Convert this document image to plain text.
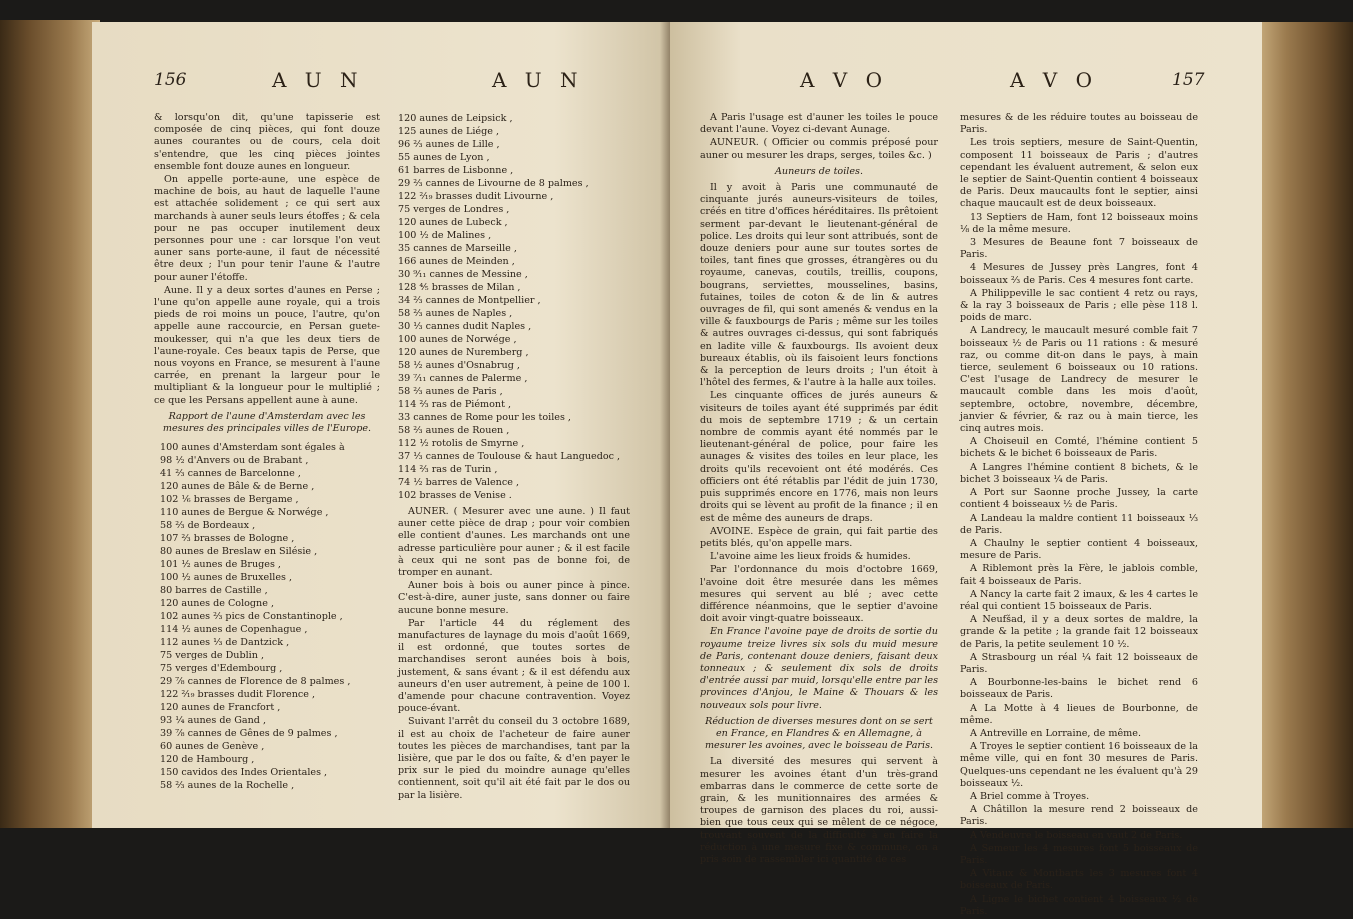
156	A U N	A U N

& lorsqu'on dit, qu'une tapisserie est composée de cinq pièces, qui font douze aunes courantes ou de cours, cela doit s'entendre, que les cinq pièces jointes ensemble font douze aunes en longueur.

On appelle porte-aune, une espèce de machine de bois, au haut de laquelle l'aune est attachée solidement ; ce qui sert aux marchands à auner seuls leurs étoffes ; & cela pour ne pas occuper inutilement deux personnes pour une : car lorsque l'on veut auner sans porte-aune, il faut de nécessité être deux ; l'un pour tenir l'aune & l'autre pour auner l'étoffe.

Aune. Il y a deux sortes d'aunes en Perse ; l'une qu'on appelle aune royale, qui a trois pieds de roi moins un pouce, l'autre, qu'on appelle aune raccourcie, en Persan guete-moukesser, qui n'a que les deux tiers de l'aune-royale. Ces beaux tapis de Perse, que nous voyons en France, se mesurent à l'aune carrée, en prenant la largeur pour le multipliant & la longueur pour le multiplié ; ce que les Persans appellent aune à aune.

Rapport de l'aune d'Amsterdam avec les mesures des principales villes de l'Europe.

100 aunes d'Amsterdam sont égales à
98 ½ d'Anvers ou de Brabant ,
41 ⅔ cannes de Barcelonne ,
120 aunes de Bâle & de Berne ,
102 ⅙ brasses de Bergame ,
110 aunes de Bergue & Norwége ,
58 ⅔ de Bordeaux ,
107 ⅔ brasses de Bologne ,
80 aunes de Breslaw en Silésie ,
101 ½ aunes de Bruges ,
100 ½ aunes de Bruxelles ,
80 barres de Castille ,
120 aunes de Cologne ,
102 aunes ⅔ pics de Constantinople ,
114 ½ aunes de Copenhague ,
112 aunes ⅓ de Dantzick ,
75 verges de Dublin ,
75 verges d'Edembourg ,
29 ⅞ cannes de Florence de 8 palmes ,
122 ²⁄₁₉ brasses dudit Florence ,
120 aunes de Francfort ,
93 ¼ aunes de Gand ,
39 ⅞ cannes de Gênes de 9 palmes ,
60 aunes de Genève ,
120 de Hambourg ,
150 cavidos des Indes Orientales ,
58 ⅔ aunes de la Rochelle ,
120 aunes de Leipsick ,
125 aunes de Liége ,
96 ⅔ aunes de Lille ,
55 aunes de Lyon ,
61 barres de Lisbonne ,
29 ⅔ cannes de Livourne de 8 palmes ,
122 ²⁄₁₉ brasses dudit Livourne ,
75 verges de Londres ,
120 aunes de Lubeck ,
100 ½ de Malines ,
35 cannes de Marseille ,
166 aunes de Meinden ,
30 ⁹⁄₁₁ cannes de Messine ,
128 ⅘ brasses de Milan ,
34 ⅔ cannes de Montpellier ,
58 ⅔ aunes de Naples ,
30 ⅓ cannes dudit Naples ,
100 aunes de Norwége ,
120 aunes de Nuremberg ,
58 ½ aunes d'Osnabrug ,
39 ⁷⁄₁₁ cannes de Palerme ,
58 ⅔ aunes de Paris ,
114 ⅔ ras de Piémont ,
33 cannes de Rome pour les toiles ,
58 ⅔ aunes de Rouen ,
112 ½ rotolis de Smyrne ,
37 ⅓ cannes de Toulouse & haut Languedoc ,
114 ⅔ ras de Turin ,
74 ½ barres de Valence ,
102 brasses de Venise .

AUNER. ( Mesurer avec une aune. ) Il faut auner cette pièce de drap ; pour voir combien elle contient d'aunes. Les marchands ont une adresse particulière pour auner ; & il est facile à ceux qui ne sont pas de bonne foi, de tromper en aunant.

Auner bois à bois ou auner pince à pince. C'est-à-dire, auner juste, sans donner ou faire aucune bonne mesure.

Par l'article 44 du réglement des manufactures de laynage du mois d'août 1669, il est ordonné, que toutes sortes de marchandises seront aunées bois à bois, justement, & sans évant ; & il est défendu aux auneurs d'en user autrement, à peine de 100 l. d'amende pour chacune contravention. Voyez pouce-évant.

Suivant l'arrêt du conseil du 3 octobre 1689, il est au choix de l'acheteur de faire auner toutes les pièces de marchandises, tant par la lisière, que par le dos ou faîte, & d'en payer le prix sur le pied du moindre aunage qu'elles contiennent, soit qu'il ait été fait par le dos ou par la lisière.

A V O	A V O	157

A Paris l'usage est d'auner les toiles le pouce devant l'aune. Voyez ci-devant Aunage.

AUNEUR. ( Officier ou commis préposé pour auner ou mesurer les draps, serges, toiles &c. )

Auneurs de toiles.

Il y avoit à Paris une communauté de cinquante jurés auneurs-visiteurs de toiles, créés en titre d'offices héréditaires. Ils prêtoient serment par-devant le lieutenant-général de police. Les droits qui leur sont attribués, sont de douze deniers pour aune sur toutes sortes de toiles, tant fines que grosses, étrangères ou du royaume, canevas, coutils, treillis, coupons, bougrans, serviettes, mousselines, basins, futaines, toiles de coton & de lin & autres ouvrages de fil, qui sont amenés & vendus en la ville & fauxbourgs de Paris ; même sur les toiles & autres ouvrages ci-dessus, qui sont fabriqués en ladite ville & fauxbourgs. Ils avoient deux bureaux établis, où ils faisoient leurs fonctions & la perception de leurs droits ; l'un étoit à l'hôtel des fermes, & l'autre à la halle aux toiles.

Les cinquante offices de jurés auneurs & visiteurs de toiles ayant été supprimés par édit du mois de septembre 1719 ; & un certain nombre de commis ayant été nommés par le lieutenant-général de police, pour faire les aunages & visites des toiles en leur place, les droits qu'ils recevoient ont été modérés. Ces officiers ont été rétablis par l'édit de juin 1730, puis supprimés encore en 1776, mais non leurs droits qui se lèvent au profit de la finance ; il en est de même des auneurs de draps.

AVOINE. Espèce de grain, qui fait partie des petits blés, qu'on appelle mars.

L'avoine aime les lieux froids & humides.

Par l'ordonnance du mois d'octobre 1669, l'avoine doit être mesurée dans les mêmes mesures qui servent au blé ; avec cette différence néanmoins, que le septier d'avoine doit avoir vingt-quatre boisseaux.

En France l'avoine paye de droits de sortie du royaume treize livres six sols du muid mesure de Paris, contenant douze deniers, faisant deux tonneaux ; & seulement dix sols de droits d'entrée aussi par muid, lorsqu'elle entre par les provinces d'Anjou, le Maine & Thouars & les nouveaux sols pour livre.

Réduction de diverses mesures dont on se sert en France, en Flandres & en Allemagne, à mesurer les avoines, avec le boisseau de Paris.

La diversité des mesures qui servent à mesurer les avoines étant d'un très-grand embarras dans le commerce de cette sorte de grain, & les munitionnaires des armées & troupes de garnison des places du roi, aussi-bien que tous ceux qui se mêlent de ce négoce, trouvant souvent de la difficulté à en faire la réduction à une mesure fixe & commune, on a pris soin de rassembler ici quantité de ces

mesures & de les réduire toutes au boisseau de Paris.

Les trois septiers, mesure de Saint-Quentin, composent 11 boisseaux de Paris ; d'autres cependant les évaluent autrement, & selon eux le septier de Saint-Quentin contient 4 boisseaux de Paris. Deux maucaults font le septier, ainsi chaque maucault est de deux boisseaux.

13 Septiers de Ham, font 12 boisseaux moins ⅛ de la même mesure.

3 Mesures de Beaune font 7 boisseaux de Paris.

4 Mesures de Jussey près Langres, font 4 boisseaux ⅔ de Paris. Ces 4 mesures font carte.

A Philippeville le sac contient 4 retz ou rays, & la ray 3 boisseaux de Paris ; elle pèse 118 l. poids de marc.

A Landrecy, le maucault mesuré comble fait 7 boisseaux ½ de Paris ou 11 rations : & mesuré raz, ou comme dit-on dans le pays, à main tierce, seulement 6 boisseaux ou 10 rations. C'est l'usage de Landrecy de mesurer le maucault comble dans les mois d'août, septembre, octobre, novembre, décembre, janvier & février, & raz ou à main tierce, les cinq autres mois.

A Choiseuil en Comté, l'hémine contient 5 bichets & le bichet 6 boisseaux de Paris.

A Langres l'hémine contient 8 bichets, & le bichet 3 boisseaux ¼ de Paris.

A Port sur Saonne proche Jussey, la carte contient 4 boisseaux ½ de Paris.

A Landeau la maldre contient 11 boisseaux ⅓ de Paris.

A Chaulny le septier contient 4 boisseaux, mesure de Paris.

A Riblemont près la Fère, le jablois comble, fait 4 boisseaux de Paris.

A Nancy la carte fait 2 imaux, & les 4 cartes le réal qui contient 15 boisseaux de Paris.

A Neufšad, il y a deux sortes de maldre, la grande & la petite ; la grande fait 12 boisseaux de Paris, la petite seulement 10 ½.

A Strasbourg un réal ¼ fait 12 boisseaux de Paris.

A Bourbonne-les-bains le bichet rend 6 boisseaux de Paris.

A La Motte à 4 lieues de Bourbonne, de même.

A Antreville en Lorraine, de même.

A Troyes le septier contient 16 boisseaux de la même ville, qui en font 30 mesures de Paris. Quelques-uns cependant ne les évaluent qu'à 29 boisseaux ½.

A Briel comme à Troyes.

A Châtillon la mesure rend 2 boisseaux de Paris.

A Vendeuvre le boisseau en vaut 2 de Paris.

A Semeur les 4 mesures font 5 boisseaux de Paris.

A Vitaux & Montbarts les 3 mesures font 4 boisseaux de Paris.

A Ligne le bichet contient 4 boisseaux ½ de Paris.
